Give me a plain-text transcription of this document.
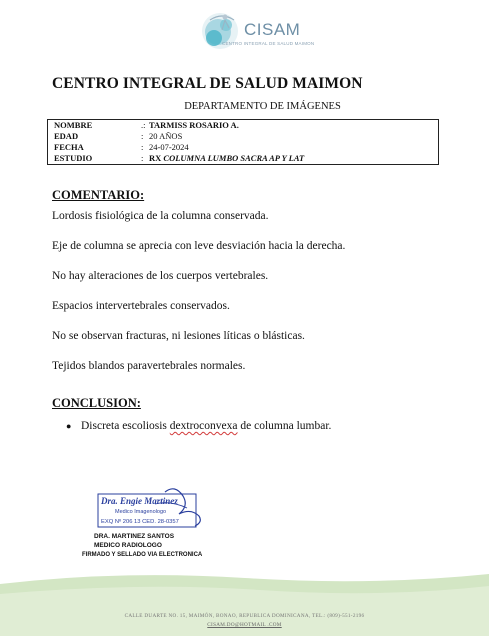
CISAM
CENTRO INTEGRAL DE SALUD MAIMON
CENTRO INTEGRAL DE SALUD MAIMON
DEPARTAMENTO DE IMÁGENES
NOMBRE	.: TARMISS ROSARIO A.
EDAD	: 20 AÑOS
FECHA	: 24-07-2024
ESTUDIO	: RX COLUMNA LUMBO SACRA AP Y LAT
COMENTARIO:
Lordosis fisiológica de la columna conservada.
Eje de columna se aprecia con leve desviación hacia la derecha.
No hay alteraciones de los cuerpos vertebrales.
Espacios intervertebrales conservados.
No se observan fracturas, ni lesiones líticas o blásticas.
Tejidos blandos paravertebrales normales.
CONCLUSION:
● Discreta escoliosis dextroconvexa de columna lumbar.
Dra. Engie Martinez
Medico Imagenologo
EXQ Nº 206 13 CED. 28-0357
DRA. MARTINEZ SANTOS
MEDICO RADIOLOGO
FIRMADO Y SELLADO VIA ELECTRONICA
CALLE DUARTE NO. 15, MAIMÓN, BONAO, REPUBLICA DOMINICANA, TEL.: (809)-551-2196
CISAM.DO@HOTMAIL .COM
